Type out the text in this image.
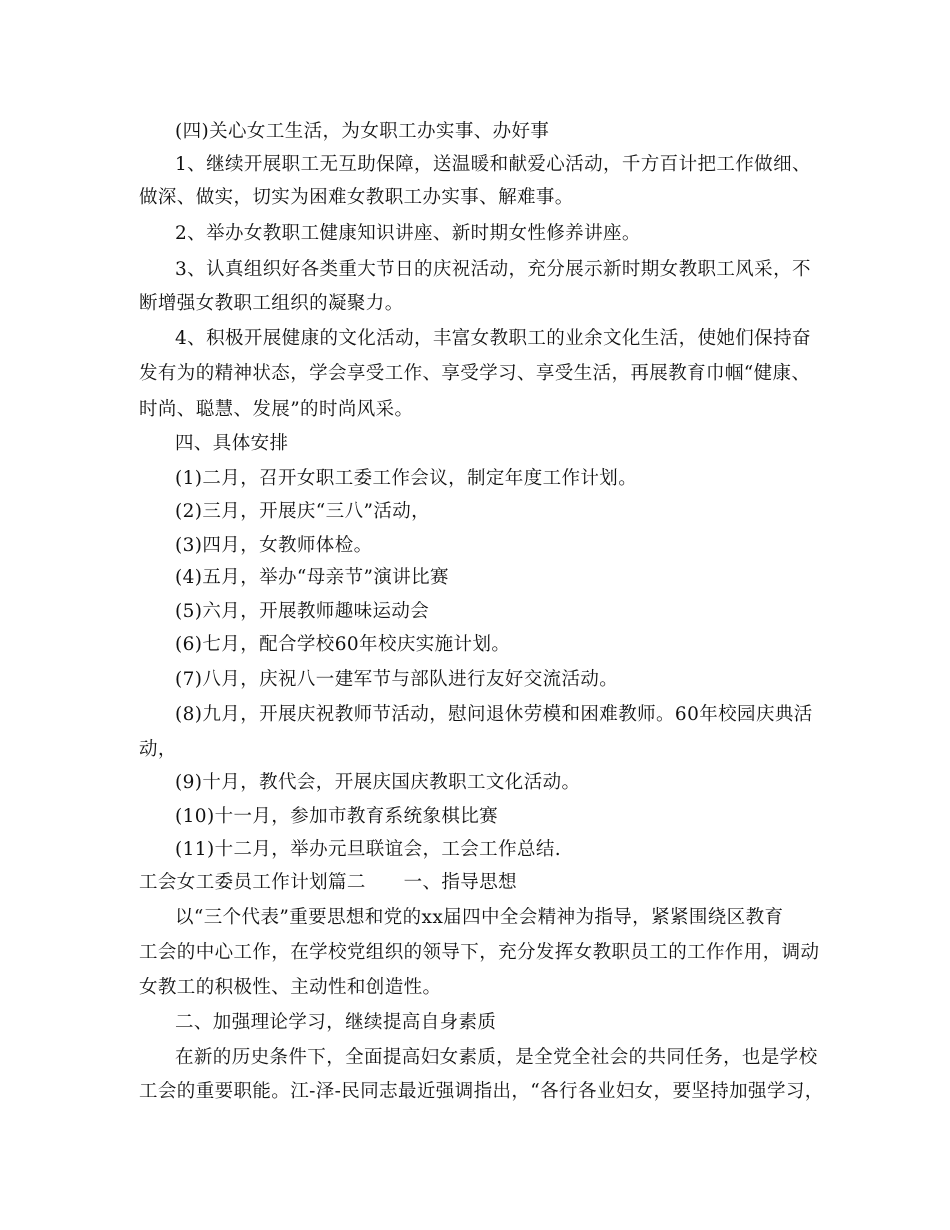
(四)关心女工生活，为女职工办实事、办好事
1、继续开展职工无互助保障，送温暖和献爱心活动，千方百计把工作做细、
做深、做实，切实为困难女教职工办实事、解难事。
2、举办女教职工健康知识讲座、新时期女性修养讲座。
3、认真组织好各类重大节日的庆祝活动，充分展示新时期女教职工风采，不
断增强女教职工组织的凝聚力。
4、积极开展健康的文化活动，丰富女教职工的业余文化生活，使她们保持奋
发有为的精神状态，学会享受工作、享受学习、享受生活，再展教育巾帼“健康、
时尚、聪慧、发展”的时尚风采。
四、具体安排
(1)二月，召开女职工委工作会议，制定年度工作计划。
(2)三月，开展庆“三八”活动，
(3)四月，女教师体检。
(4)五月，举办“母亲节”演讲比赛
(5)六月，开展教师趣味运动会
(6)七月，配合学校60年校庆实施计划。
(7)八月，庆祝八一建军节与部队进行友好交流活动。
(8)九月，开展庆祝教师节活动，慰问退休劳模和困难教师。60年校园庆典活
动，
(9)十月，教代会，开展庆国庆教职工文化活动。
(10)十一月，参加市教育系统象棋比赛
(11)十二月，举办元旦联谊会，工会工作总结.
工会女工委员工作计划篇二　　一、指导思想
以“三个代表”重要思想和党的xx届四中全会精神为指导，紧紧围绕区教育
工会的中心工作，在学校党组织的领导下，充分发挥女教职员工的工作作用，调动
女教工的积极性、主动性和创造性。
二、加强理论学习，继续提高自身素质
在新的历史条件下，全面提高妇女素质，是全党全社会的共同任务，也是学校
工会的重要职能。江-泽-民同志最近强调指出，“各行各业妇女，要坚持加强学习，
